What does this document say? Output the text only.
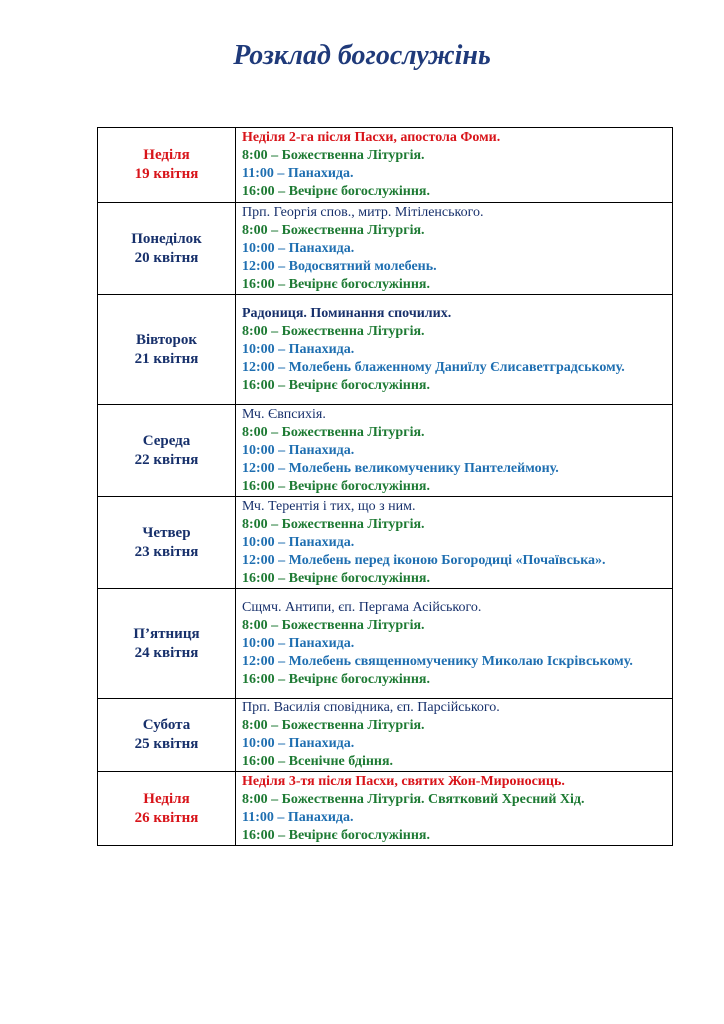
Розклад богослужінь
Неділя
19 квітня	Неділя 2-га після Пасхи, апостола Фоми.
8:00 – Божественна Літургія.
11:00 – Панахида.
16:00 – Вечірнє богослужіння.

Понеділок
20 квітня	Прп. Георгія спов., митр. Мітіленського.
8:00 – Божественна Літургія.
10:00 – Панахида.
12:00 – Водосвятний молебень.
16:00 – Вечірнє богослужіння.

Вівторок
21 квітня	Радониця. Поминання спочилих.
8:00 – Божественна Літургія.
10:00 – Панахида.
12:00 – Молебень блаженному Даниїлу Єлисаветградському.
16:00 – Вечірнє богослужіння.

Середа
22 квітня	Мч. Євпсихія.
8:00 – Божественна Літургія.
10:00 – Панахида.
12:00 – Молебень великомученику Пантелеймону.
16:00 – Вечірнє богослужіння.

Четвер
23 квітня	Мч. Терентія і тих, що з ним.
8:00 – Божественна Літургія.
10:00 – Панахида.
12:00 – Молебень перед іконою Богородиці «Почаївська».
16:00 – Вечірнє богослужіння.

П’ятниця
24 квітня	Сщмч. Антипи, єп. Пергама Асійського.
8:00 – Божественна Літургія.
10:00 – Панахида.
12:00 – Молебень священномученику Миколаю Іскрівському.
16:00 – Вечірнє богослужіння.

Субота
25 квітня	Прп. Василія сповідника, єп. Парсійського.
8:00 – Божественна Літургія.
10:00 – Панахида.
16:00 – Всенічне бдіння.

Неділя
26 квітня	Неділя 3-тя після Пасхи, святих Жон-Мироносиць.
8:00 – Божественна Літургія. Святковий Хресний Хід.
11:00 – Панахида.
16:00 – Вечірнє богослужіння.
